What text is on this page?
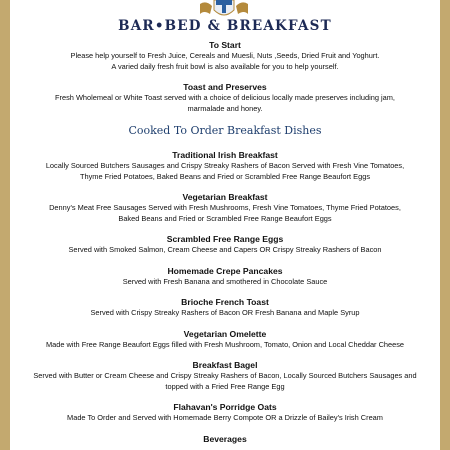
BAR•BED & BREAKFAST

To Start

Please help yourself to Fresh Juice, Cereals and Muesli, Nuts ,Seeds, Dried Fruit and Yoghurt.
A varied daily fresh fruit bowl is also available for you to help yourself.

Toast and Preserves

Fresh Wholemeal or White Toast served with a choice of delicious locally made preserves including jam,
marmalade and honey.

Cooked To Order Breakfast Dishes

Traditional Irish Breakfast

Locally Sourced Butchers Sausages and Crispy Streaky Rashers of Bacon Served with Fresh Vine Tomatoes,
Thyme Fried Potatoes, Baked Beans and Fried or Scrambled Free Range Beaufort Eggs

Vegetarian Breakfast

Denny's Meat Free Sausages Served with Fresh Mushrooms, Fresh Vine Tomatoes, Thyme Fried Potatoes,
Baked Beans and Fried or Scrambled Free Range Beaufort Eggs

Scrambled Free Range Eggs

Served with Smoked Salmon, Cream Cheese and Capers OR Crispy Streaky Rashers of Bacon

Homemade Crepe Pancakes

Served with Fresh Banana and smothered in Chocolate Sauce

Brioche French Toast

Served with Crispy Streaky Rashers of Bacon OR Fresh Banana and Maple Syrup

Vegetarian Omelette

Made with Free Range Beaufort Eggs filled with Fresh Mushroom, Tomato, Onion and Local Cheddar Cheese

Breakfast Bagel

Served with Butter or Cream Cheese and Crispy Streaky Rashers of Bacon, Locally Sourced Butchers Sausages and
topped with a Fried Free Range Egg

Flahavan's Porridge Oats

Made To Order and Served with Homemade Berry Compote OR a Drizzle of Bailey's Irish Cream

Beverages
